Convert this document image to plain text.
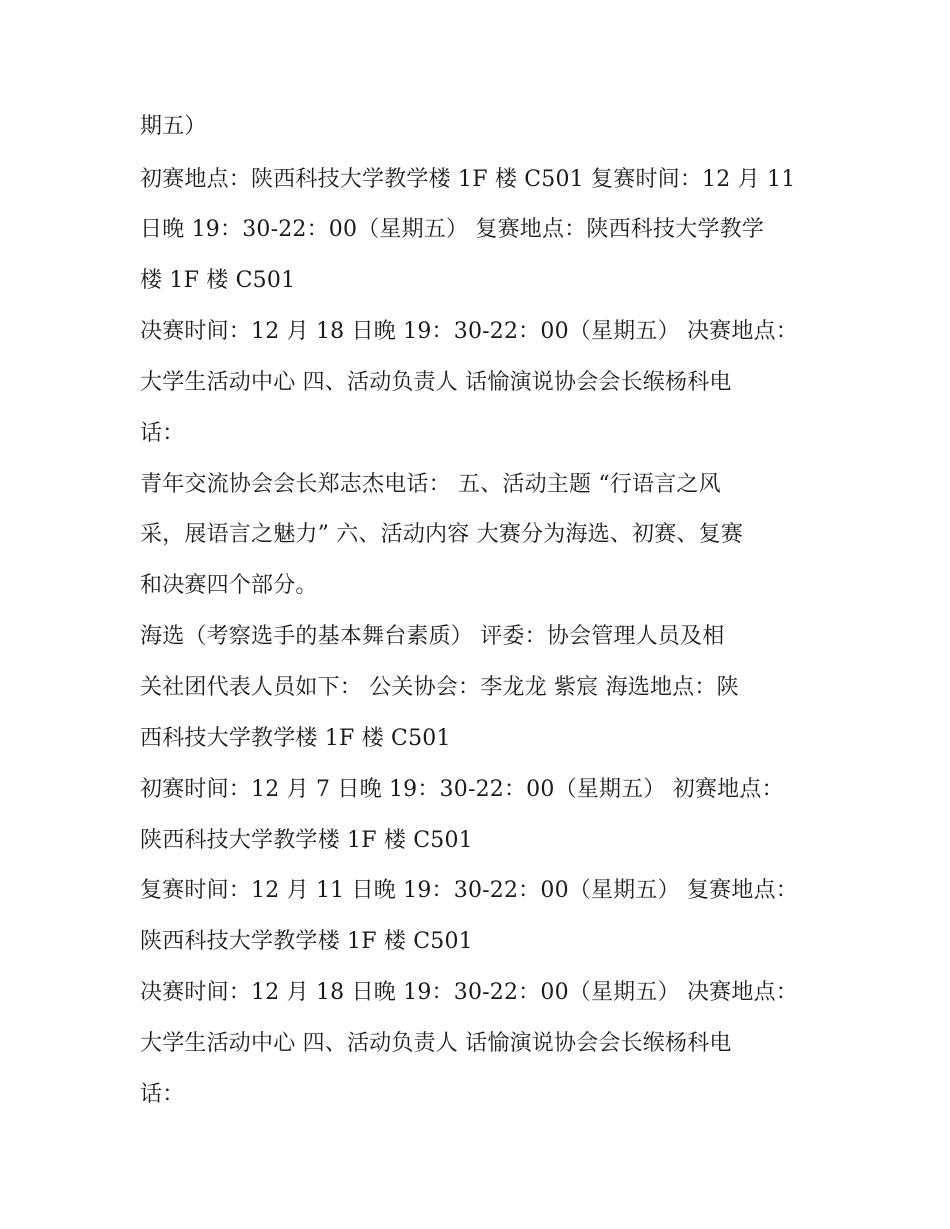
期五）
初赛地点：陕西科技大学教学楼 1F 楼 C501 复赛时间：12 月 11
日晚 19：30-22：00（星期五） 复赛地点：陕西科技大学教学
楼 1F 楼 C501
决赛时间：12 月 18 日晚 19：30-22：00（星期五） 决赛地点：
大学生活动中心 四、活动负责人 话愉演说协会会长缑杨科电
话：
青年交流协会会长郑志杰电话： 五、活动主题 “行语言之风
采，展语言之魅力” 六、活动内容 大赛分为海选、初赛、复赛
和决赛四个部分。
海选（考察选手的基本舞台素质） 评委：协会管理人员及相
关社团代表人员如下： 公关协会：李龙龙 紫宸 海选地点：陕
西科技大学教学楼 1F 楼 C501
初赛时间：12 月 7 日晚 19：30-22：00（星期五） 初赛地点：
陕西科技大学教学楼 1F 楼 C501
复赛时间：12 月 11 日晚 19：30-22：00（星期五） 复赛地点：
陕西科技大学教学楼 1F 楼 C501
决赛时间：12 月 18 日晚 19：30-22：00（星期五） 决赛地点：
大学生活动中心 四、活动负责人 话愉演说协会会长缑杨科电
话：
